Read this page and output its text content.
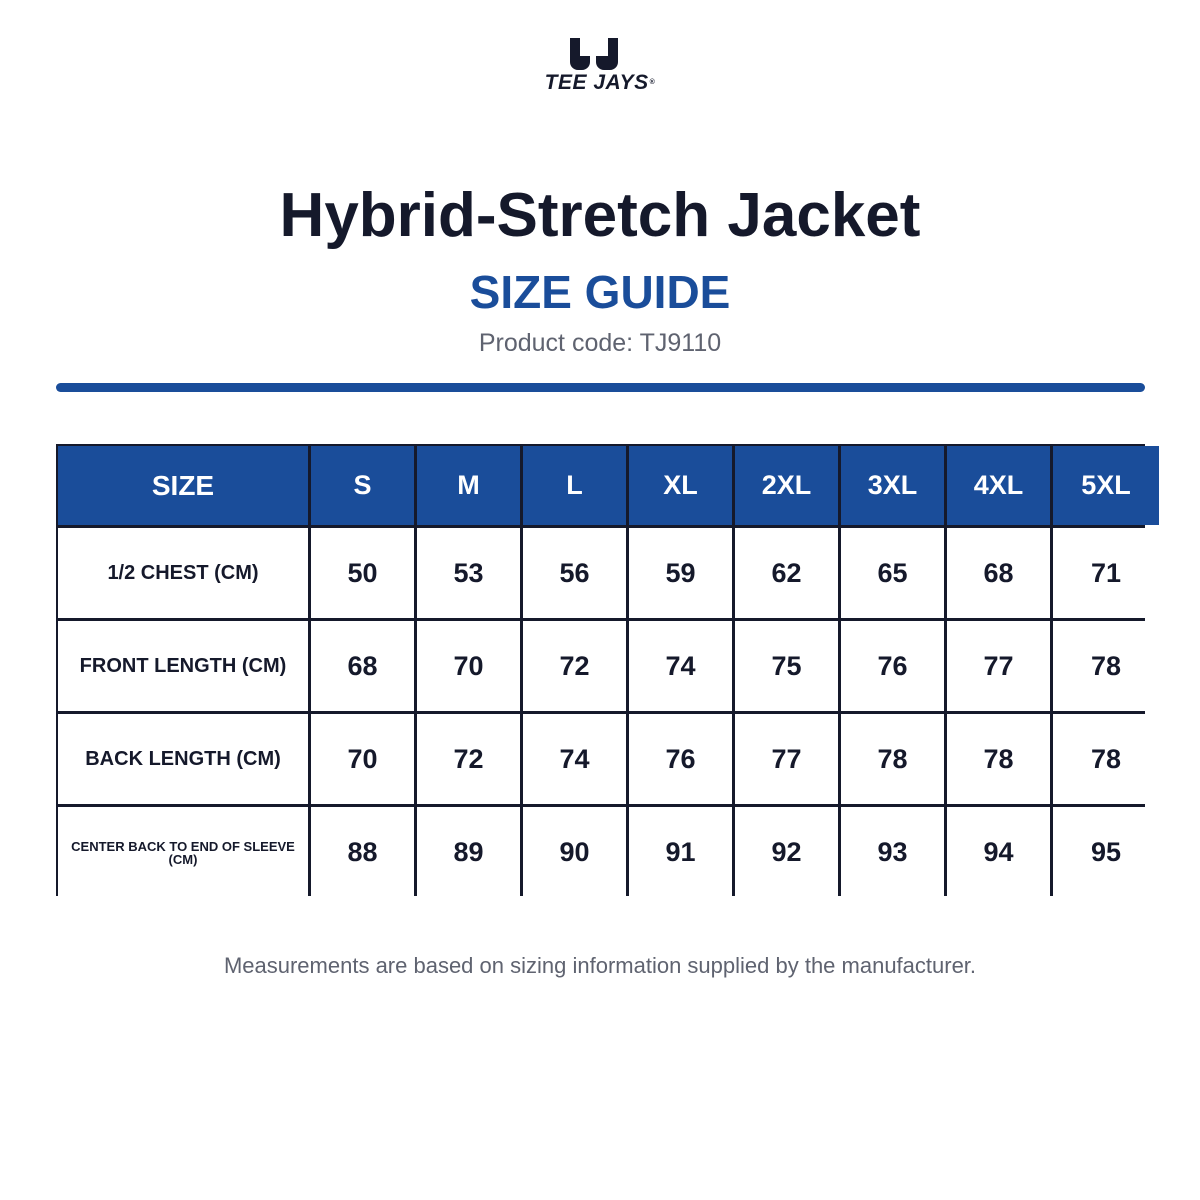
TEE JAYS®
Hybrid-Stretch Jacket
SIZE GUIDE
Product code: TJ9110
SIZE	S	M	L	XL	2XL	3XL	4XL	5XL
1/2 CHEST (CM)	50	53	56	59	62	65	68	71
FRONT LENGTH (CM)	68	70	72	74	75	76	77	78
BACK LENGTH (CM)	70	72	74	76	77	78	78	78
CENTER BACK TO END OF SLEEVE (CM)	88	89	90	91	92	93	94	95
Measurements are based on sizing information supplied by the manufacturer.
